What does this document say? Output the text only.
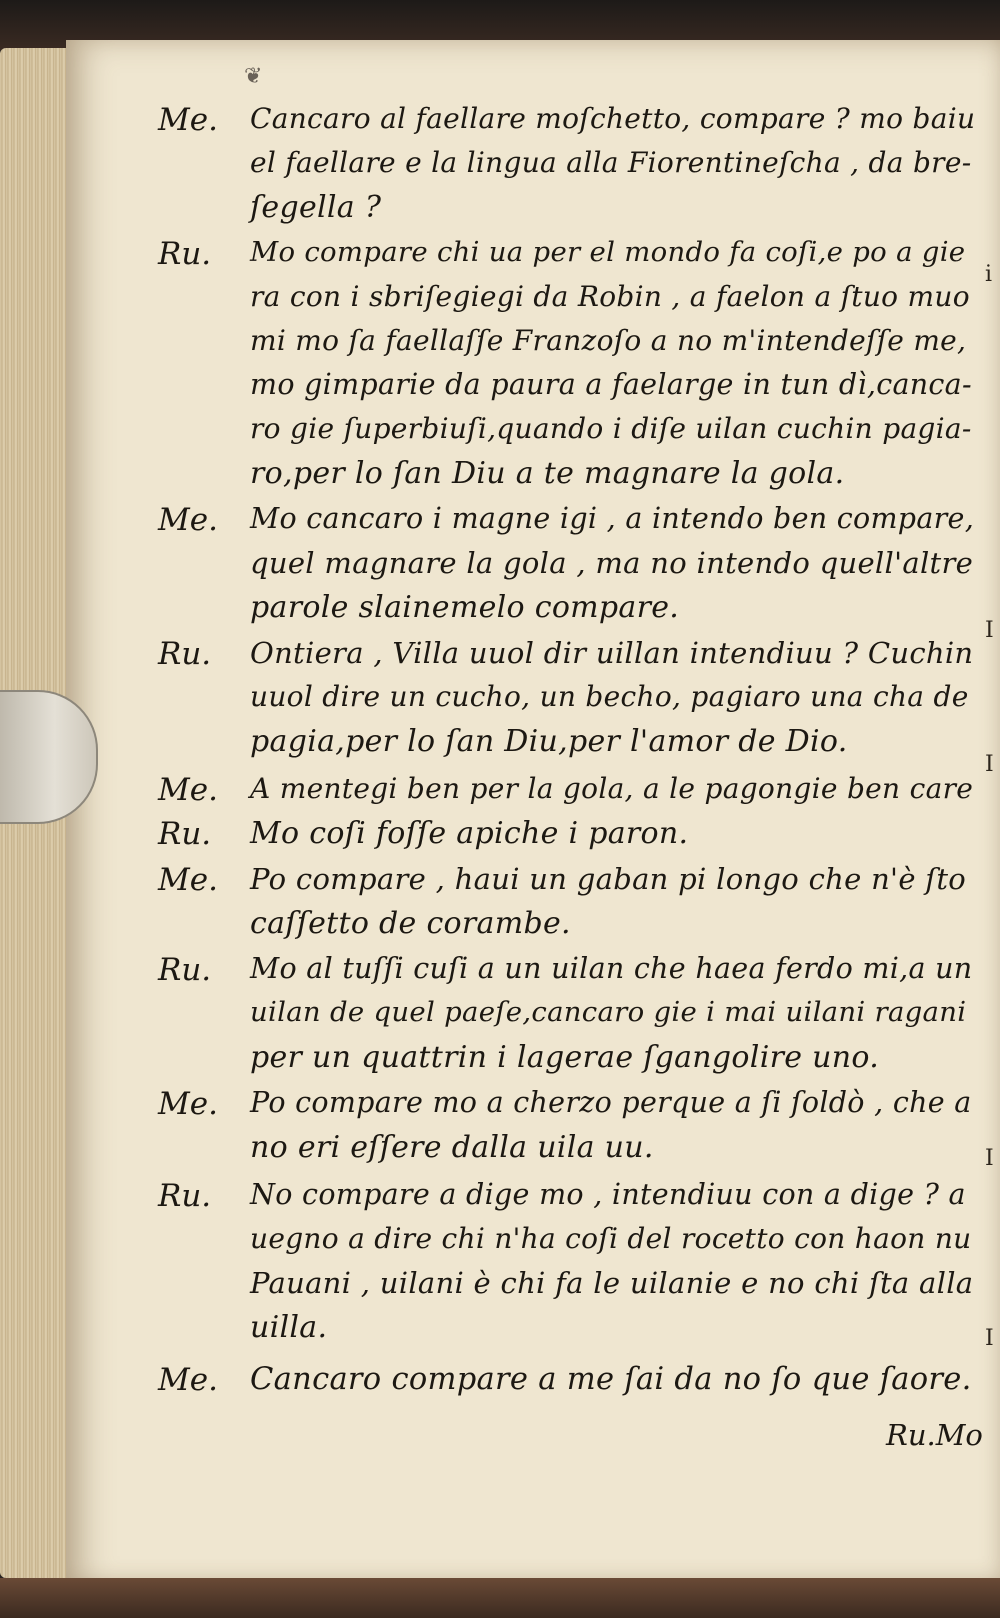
❦
Me. Cancaro al faellare moſchetto, compare ? mo baiu
el faellare e la lingua alla Fiorentineſcha , da bre-
ſegella ?
Ru. Mo compare chi ua per el mondo fa coſi,e po a gie
ra con i sbriſegiegi da Robin , a faelon a ſtuo muo
mi mo ſa faellaſſe Franzoſo a no m'intendeſſe me,
mo gimparie da paura a faelarge in tun dì,canca-
ro gie ſuperbiuſi,quando i diſe uilan cuchin pagia-
ro,per lo ſan Diu a te magnare la gola.
Me. Mo cancaro i magne igi , a intendo ben compare,
quel magnare la gola , ma no intendo quell'altre
parole slainemelo compare.
Ru. Ontiera , Villa uuol dir uillan intendiuu ? Cuchin
uuol dire un cucho, un becho, pagiaro una cha de
pagia,per lo ſan Diu,per l'amor de Dio.
Me. A mentegi ben per la gola, a le pagongie ben care
Ru. Mo coſi foſſe apiche i paron.
Me. Po compare , haui un gaban pi longo che n'è ſto
caſſetto de corambe.
Ru. Mo al tuſſi cuſi a un uilan che haea ferdo mi,a un
uilan de quel paeſe,cancaro gie i mai uilani ragani
per un quattrin i lagerae ſgangolire uno.
Me. Po compare mo a cherzo perque a ſi ſoldò , che a
no eri eſſere dalla uila uu.
Ru. No compare a dige mo , intendiuu con a dige ? a
uegno a dire chi n'ha coſi del rocetto con haon nu
Pauani , uilani è chi fa le uilanie e no chi ſta alla
uilla.
Me. Cancaro compare a me ſai da no ſo que ſaore.
Ru.Mo
i
I
I
I
I
